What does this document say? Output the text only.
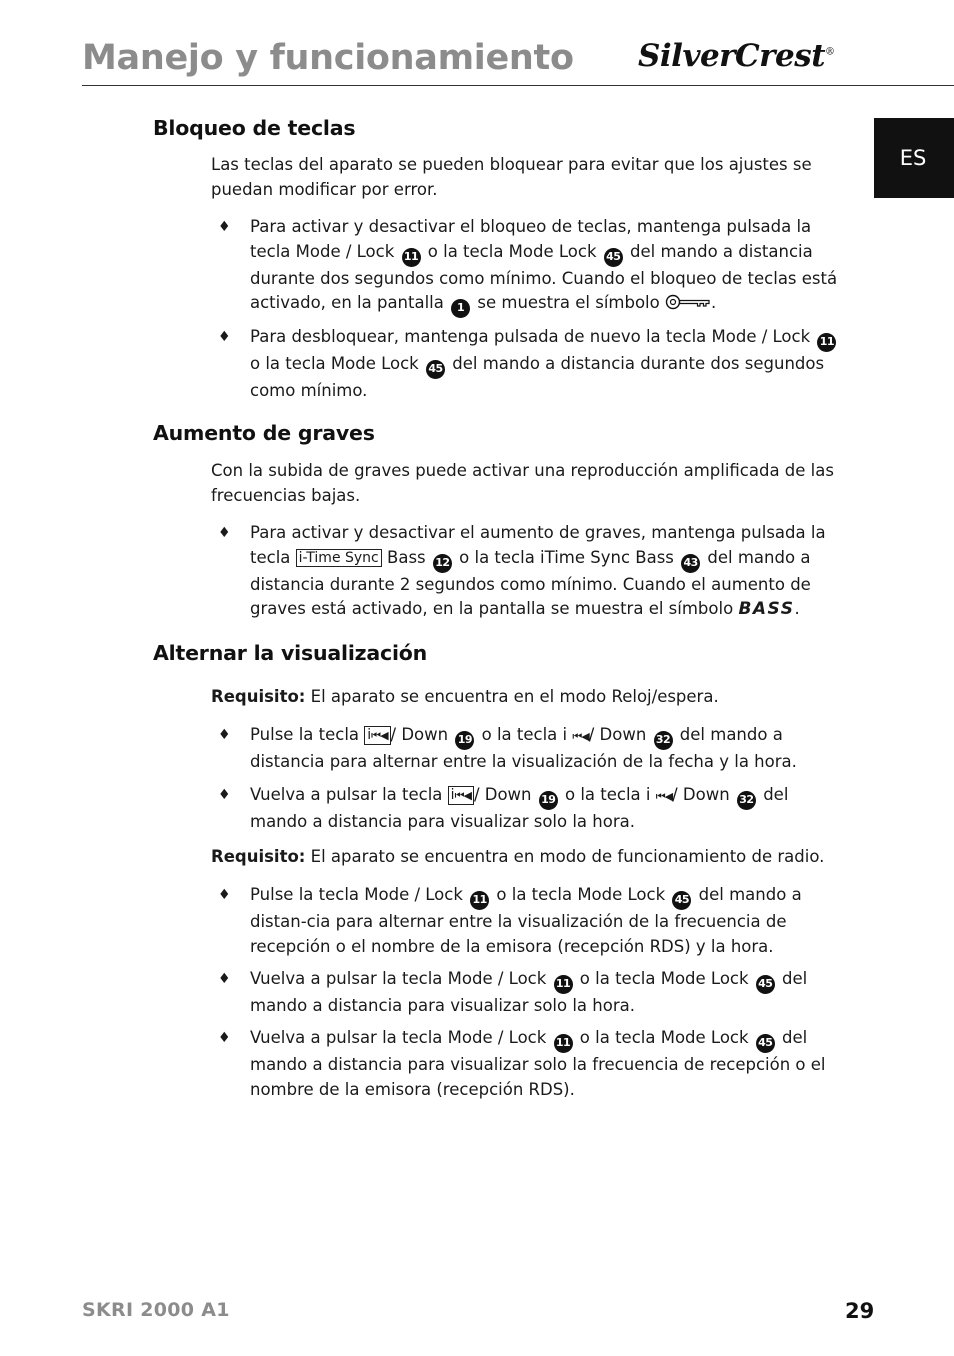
Manejo y funcionamiento SilverCrest®
ES
Bloqueo de teclas

Las teclas del aparato se pueden bloquear para evitar que los ajustes se puedan modificar por error.

♦	Para activar y desactivar el bloqueo de teclas, mantenga pulsada la tecla Mode / Lock 11 o la tecla Mode Lock 45 del mando a distancia durante dos segundos como mínimo. Cuando el bloqueo de teclas está activado, en la pantalla 1 se muestra el símbolo	.
♦	Para desbloquear, mantenga pulsada de nuevo la tecla Mode / Lock 11 o la tecla Mode Lock 45 del mando a distancia durante dos segundos como mínimo.
Aumento de graves

Con la subida de graves puede activar una reproducción amplificada de las frecuencias bajas.

♦	Para activar y desactivar el aumento de graves, mantenga pulsada la tecla i-Time Sync Bass 12 o la tecla iTime Sync Bass 43 del mando a distancia durante 2 segundos como mínimo. Cuando el aumento de graves está activado, en la pantalla se muestra el símbolo BASS.
Alternar la visualización

Requisito: El aparato se encuentra en el modo Reloj/espera.

♦	Pulse la tecla i⏮◀ / Down 19 o la tecla i ⏮◀/ Down 32 del mando a distancia para alternar entre la visualización de la fecha y la hora.
♦	Vuelva a pulsar la tecla i⏮◀ / Down 19 o la tecla i ⏮◀/ Down 32 del mando a distancia para visualizar solo la hora.

Requisito: El aparato se encuentra en modo de funcionamiento de radio.

♦	Pulse la tecla Mode / Lock 11 o la tecla Mode Lock 45 del mando a distan-cia para alternar entre la visualización de la frecuencia de recepción o el nombre de la emisora (recepción RDS) y la hora.
♦	Vuelva a pulsar la tecla Mode / Lock 11 o la tecla Mode Lock 45 del mando a distancia para visualizar solo la hora.
♦	Vuelva a pulsar la tecla Mode / Lock 11 o la tecla Mode Lock 45 del mando a distancia para visualizar solo la frecuencia de recepción o el nombre de la emisora (recepción RDS).
SKRI 2000 A1	29
